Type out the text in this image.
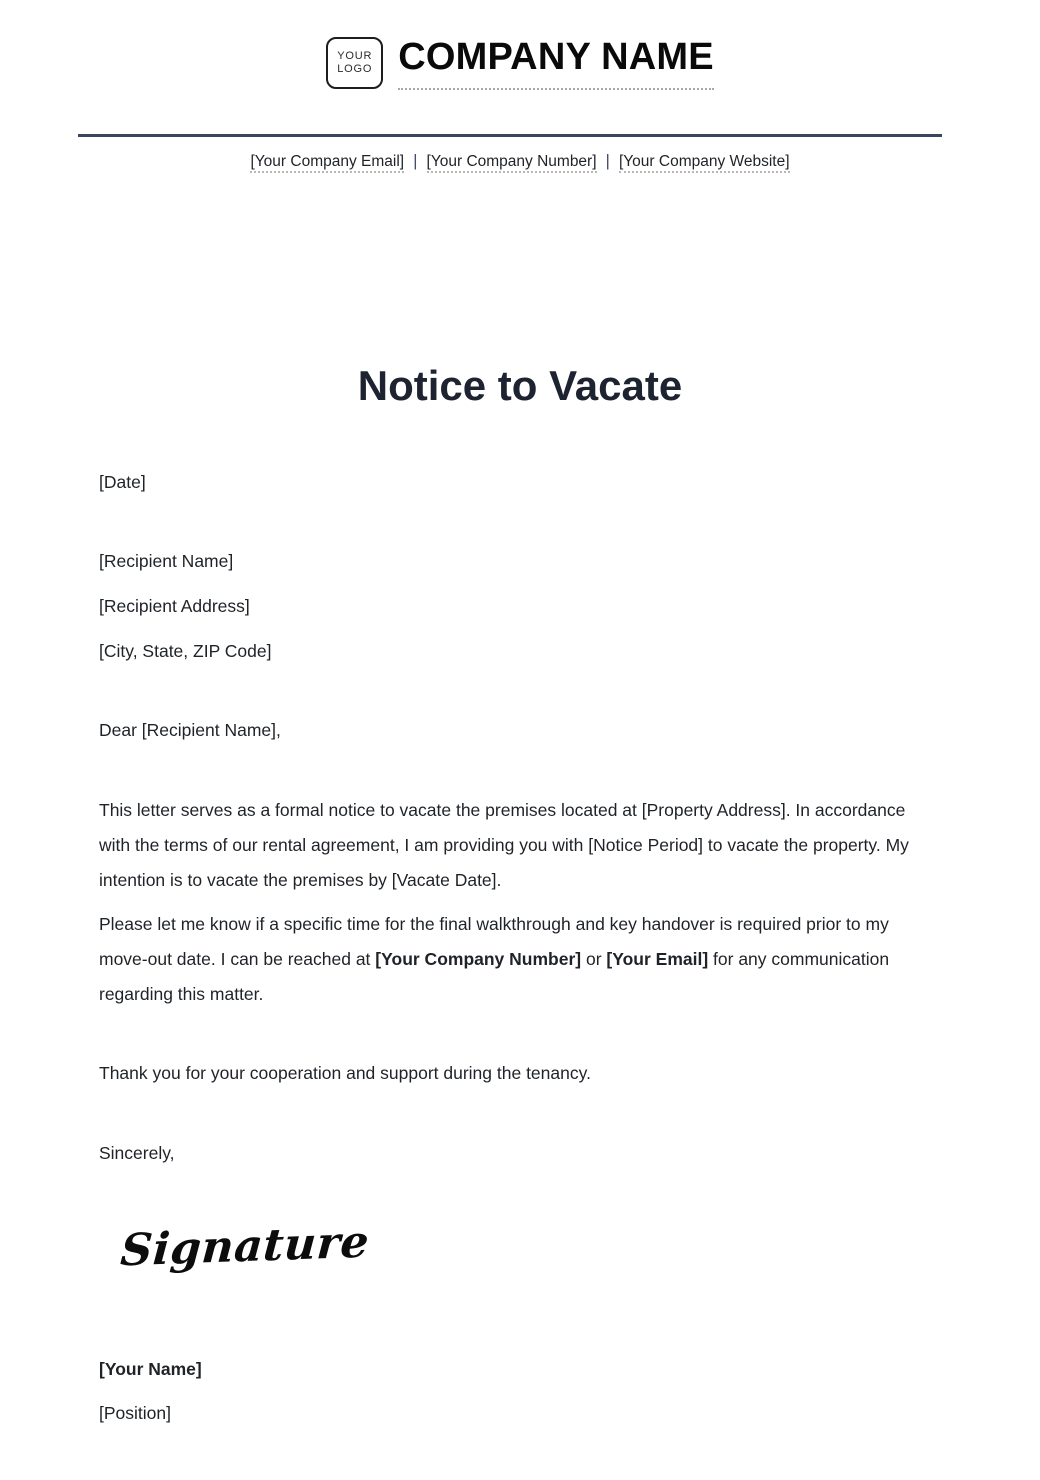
YOUR
LOGO COMPANY NAME
[Your Company Email] | [Your Company Number] | [Your Company Website]
Notice to Vacate

[Date]

[Recipient Name]

[Recipient Address]

[City, State, ZIP Code]

Dear [Recipient Name],

This letter serves as a formal notice to vacate the premises located at [Property Address]. In accordance with the terms of our rental agreement, I am providing you with [Notice Period] to vacate the property. My intention is to vacate the premises by [Vacate Date].

Please let me know if a specific time for the final walkthrough and key handover is required prior to my move-out date. I can be reached at [Your Company Number] or [Your Email] for any communication regarding this matter.

Thank you for your cooperation and support during the tenancy.

Sincerely,

Signature

[Your Name]

[Position]
